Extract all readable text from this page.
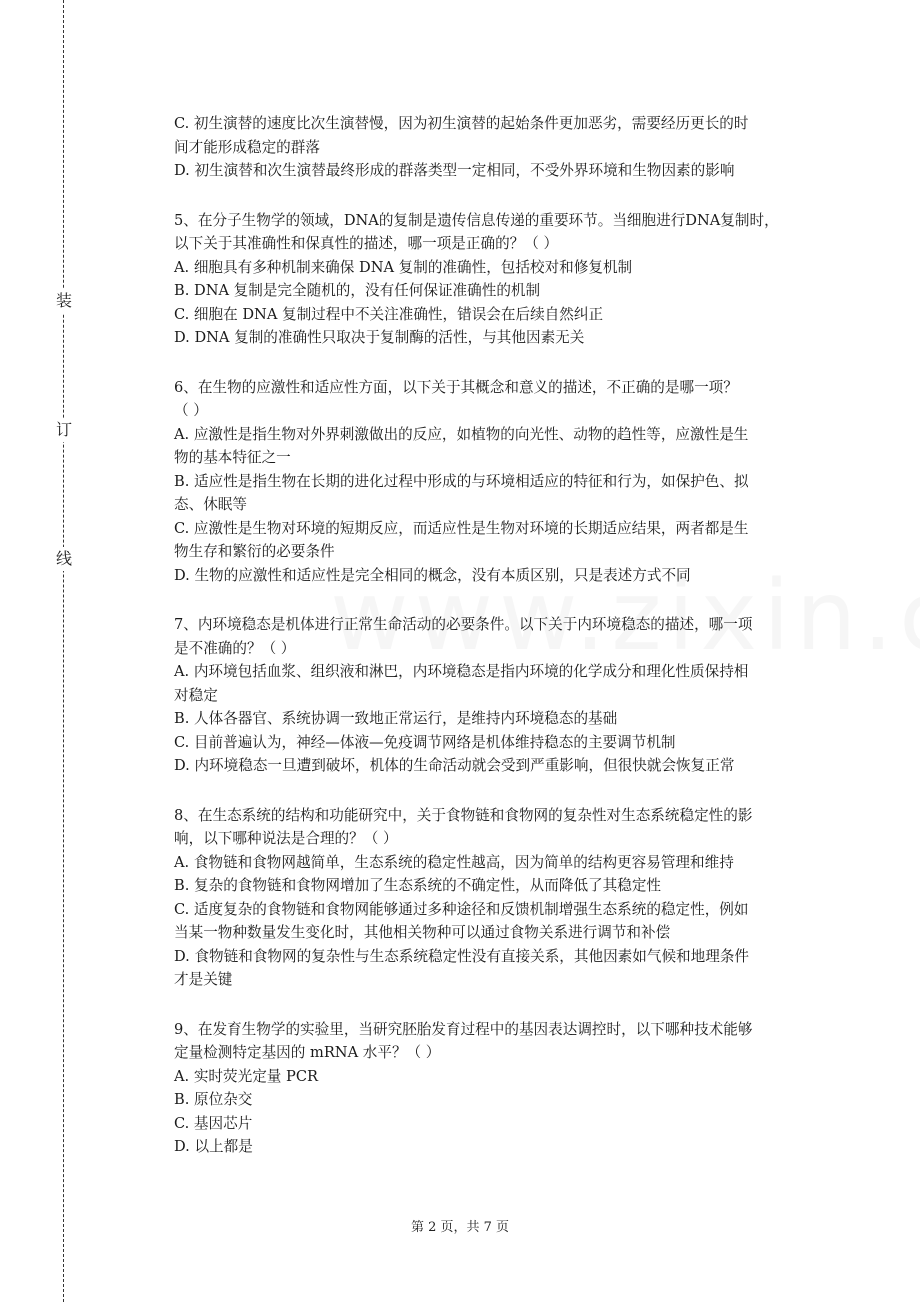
装
订
线
C. 初生演替的速度比次生演替慢，因为初生演替的起始条件更加恶劣，需要经历更长的时
间才能形成稳定的群落
D. 初生演替和次生演替最终形成的群落类型一定相同，不受外界环境和生物因素的影响
5、在分子生物学的领域，DNA的复制是遗传信息传递的重要环节。当细胞进行DNA复制时，
以下关于其准确性和保真性的描述，哪一项是正确的？（ ）
A. 细胞具有多种机制来确保 DNA 复制的准确性，包括校对和修复机制
B. DNA 复制是完全随机的，没有任何保证准确性的机制
C. 细胞在 DNA 复制过程中不关注准确性，错误会在后续自然纠正
D. DNA 复制的准确性只取决于复制酶的活性，与其他因素无关
6、在生物的应激性和适应性方面，以下关于其概念和意义的描述，不正确的是哪一项？
（ ）
A. 应激性是指生物对外界刺激做出的反应，如植物的向光性、动物的趋性等，应激性是生
物的基本特征之一
B. 适应性是指生物在长期的进化过程中形成的与环境相适应的特征和行为，如保护色、拟
态、休眠等
C. 应激性是生物对环境的短期反应，而适应性是生物对环境的长期适应结果，两者都是生
物生存和繁衍的必要条件
D. 生物的应激性和适应性是完全相同的概念，没有本质区别，只是表述方式不同
7、内环境稳态是机体进行正常生命活动的必要条件。以下关于内环境稳态的描述，哪一项
是不准确的？（ ）
A. 内环境包括血浆、组织液和淋巴，内环境稳态是指内环境的化学成分和理化性质保持相
对稳定
B. 人体各器官、系统协调一致地正常运行，是维持内环境稳态的基础
C. 目前普遍认为，神经—体液—免疫调节网络是机体维持稳态的主要调节机制
D. 内环境稳态一旦遭到破坏，机体的生命活动就会受到严重影响，但很快就会恢复正常
8、在生态系统的结构和功能研究中，关于食物链和食物网的复杂性对生态系统稳定性的影
响，以下哪种说法是合理的？（ ）
A. 食物链和食物网越简单，生态系统的稳定性越高，因为简单的结构更容易管理和维持
B. 复杂的食物链和食物网增加了生态系统的不确定性，从而降低了其稳定性
C. 适度复杂的食物链和食物网能够通过多种途径和反馈机制增强生态系统的稳定性，例如
当某一物种数量发生变化时，其他相关物种可以通过食物关系进行调节和补偿
D. 食物链和食物网的复杂性与生态系统稳定性没有直接关系，其他因素如气候和地理条件
才是关键
9、在发育生物学的实验里，当研究胚胎发育过程中的基因表达调控时，以下哪种技术能够
定量检测特定基因的 mRNA 水平？（ ）
A. 实时荧光定量 PCR
B. 原位杂交
C. 基因芯片
D. 以上都是
第 2 页，共 7 页
